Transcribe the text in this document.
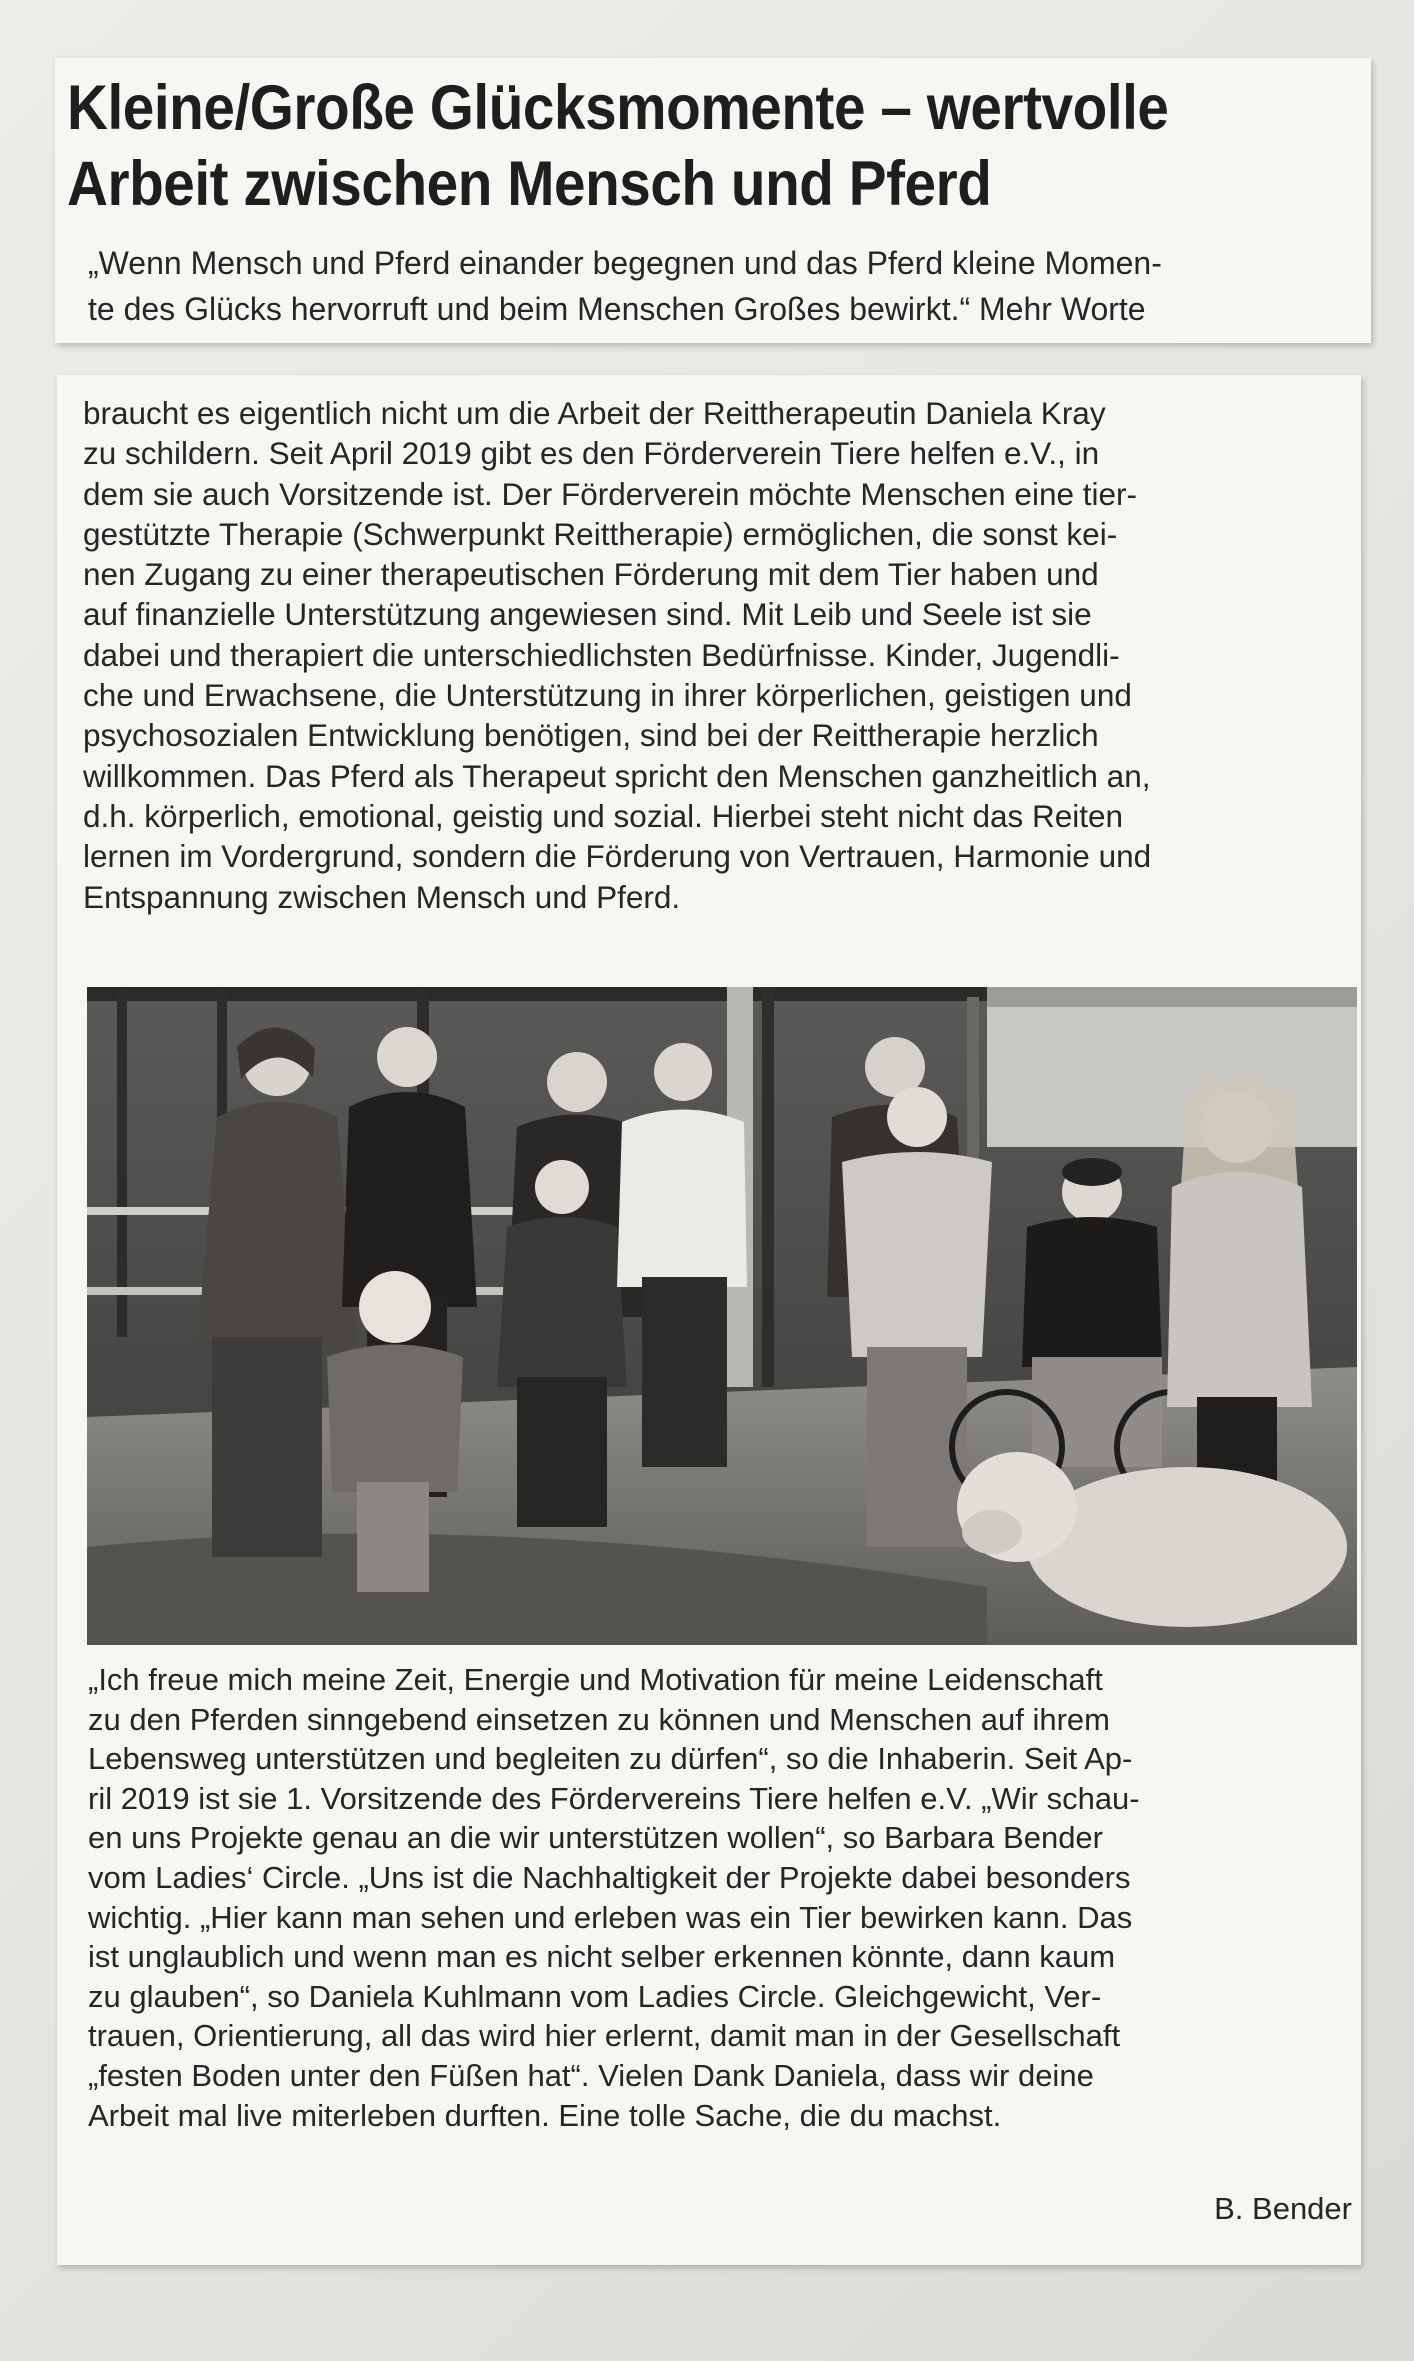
Kleine/Große Glücksmomente – wertvolle
Arbeit zwischen Mensch und Pferd

„Wenn Mensch und Pferd einander begegnen und das Pferd kleine Momen-
te des Glücks hervorruft und beim Menschen Großes bewirkt.“ Mehr Worte

braucht es eigentlich nicht um die Arbeit der Reittherapeutin Daniela Kray
zu schildern. Seit April 2019 gibt es den Förderverein Tiere helfen e.V., in
dem sie auch Vorsitzende ist. Der Förderverein möchte Menschen eine tier-
gestützte Therapie (Schwerpunkt Reittherapie) ermöglichen, die sonst kei-
nen Zugang zu einer therapeutischen Förderung mit dem Tier haben und
auf finanzielle Unterstützung angewiesen sind. Mit Leib und Seele ist sie
dabei und therapiert die unterschiedlichsten Bedürfnisse. Kinder, Jugendli-
che und Erwachsene, die Unterstützung in ihrer körperlichen, geistigen und
psychosozialen Entwicklung benötigen, sind bei der Reittherapie herzlich
willkommen. Das Pferd als Therapeut spricht den Menschen ganzheitlich an,
d.h. körperlich, emotional, geistig und sozial. Hierbei steht nicht das Reiten
lernen im Vordergrund, sondern die Förderung von Vertrauen, Harmonie und
Entspannung zwischen Mensch und Pferd.

„Ich freue mich meine Zeit, Energie und Motivation für meine Leidenschaft
zu den Pferden sinngebend einsetzen zu können und Menschen auf ihrem
Lebensweg unterstützen und begleiten zu dürfen“, so die Inhaberin. Seit Ap-
ril 2019 ist sie 1. Vorsitzende des Fördervereins Tiere helfen e.V. „Wir schau-
en uns Projekte genau an die wir unterstützen wollen“, so Barbara Bender
vom Ladies‘ Circle. „Uns ist die Nachhaltigkeit der Projekte dabei besonders
wichtig. „Hier kann man sehen und erleben was ein Tier bewirken kann. Das
ist unglaublich und wenn man es nicht selber erkennen könnte, dann kaum
zu glauben“, so Daniela Kuhlmann vom Ladies Circle. Gleichgewicht, Ver-
trauen, Orientierung, all das wird hier erlernt, damit man in der Gesellschaft
„festen Boden unter den Füßen hat“. Vielen Dank Daniela, dass wir deine
Arbeit mal live miterleben durften. Eine tolle Sache, die du machst.

B. Bender
